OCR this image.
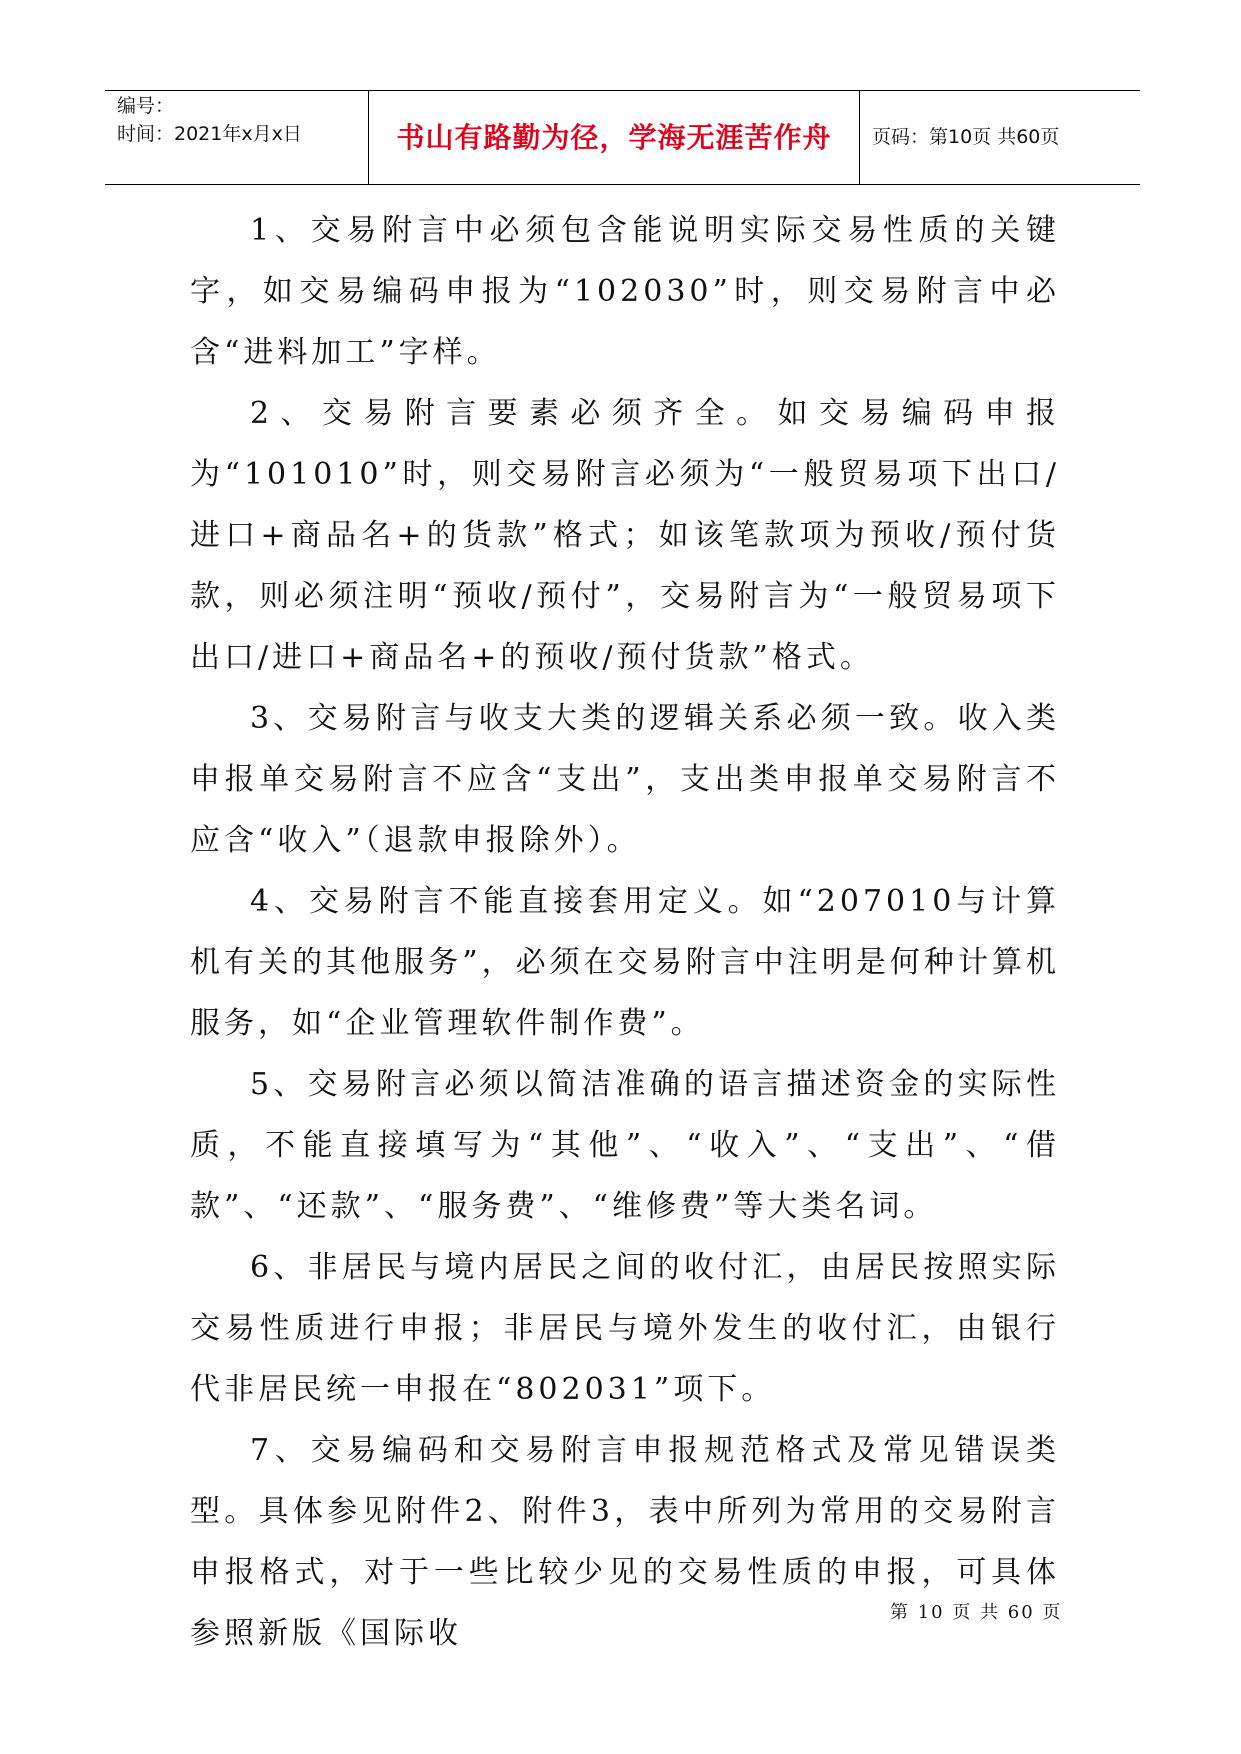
编号：
时间：2021年x月x日	书山有路勤为径，学海无涯苦作舟	页码：第10页 共60页

1、交易附言中必须包含能说明实际交易性质的关键字，如交易编码申报为“102030”时，则交易附言中必含“进料加工”字样。

2、交易附言要素必须齐全。如交易编码申报为“101010”时，则交易附言必须为“一般贸易项下出口/进口+商品名+的货款”格式；如该笔款项为预收/预付货款，则必须注明“预收/预付”，交易附言为“一般贸易项下出口/进口+商品名+的预收/预付货款”格式。

3、交易附言与收支大类的逻辑关系必须一致。收入类申报单交易附言不应含“支出”，支出类申报单交易附言不应含“收入”（退款申报除外）。

4、交易附言不能直接套用定义。如“207010与计算机有关的其他服务”，必须在交易附言中注明是何种计算机服务，如“企业管理软件制作费”。

5、交易附言必须以简洁准确的语言描述资金的实际性质，不能直接填写为“其他”、“收入”、“支出”、“借款”、“还款”、“服务费”、“维修费”等大类名词。

6、非居民与境内居民之间的收付汇，由居民按照实际交易性质进行申报；非居民与境外发生的收付汇，由银行代非居民统一申报在“802031”项下。

7、交易编码和交易附言申报规范格式及常见错误类型。具体参见附件2、附件3，表中所列为常用的交易附言申报格式，对于一些比较少见的交易性质的申报，可具体参照新版《国际收

第 10 页 共 60 页
